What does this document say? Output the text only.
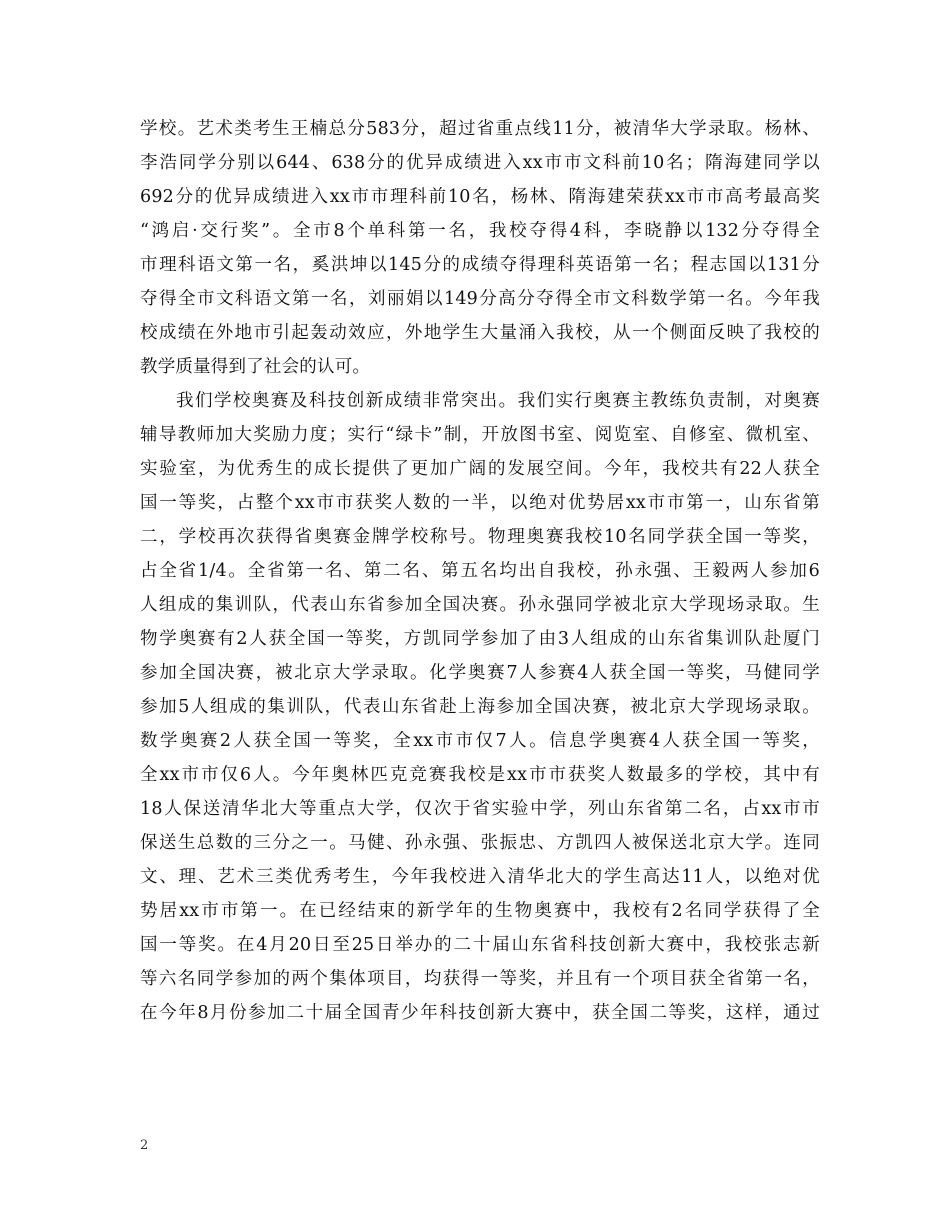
学校。艺术类考生王楠总分583分，超过省重点线11分，被清华大学录取。杨林、
李浩同学分别以644、638分的优异成绩进入xx市市文科前10名；隋海建同学以
692分的优异成绩进入xx市市理科前10名，杨林、隋海建荣获xx市市高考最高奖
“鸿启·交行奖”。全市8个单科第一名，我校夺得4科，李晓静以132分夺得全
市理科语文第一名，奚洪坤以145分的成绩夺得理科英语第一名；程志国以131分
夺得全市文科语文第一名，刘丽娟以149分高分夺得全市文科数学第一名。今年我
校成绩在外地市引起轰动效应，外地学生大量涌入我校，从一个侧面反映了我校的
教学质量得到了社会的认可。
我们学校奥赛及科技创新成绩非常突出。我们实行奥赛主教练负责制，对奥赛
辅导教师加大奖励力度；实行“绿卡”制，开放图书室、阅览室、自修室、微机室、
实验室，为优秀生的成长提供了更加广阔的发展空间。今年，我校共有22人获全
国一等奖，占整个xx市市获奖人数的一半，以绝对优势居xx市市第一，山东省第
二，学校再次获得省奥赛金牌学校称号。物理奥赛我校10名同学获全国一等奖，
占全省1/4。全省第一名、第二名、第五名均出自我校，孙永强、王毅两人参加6
人组成的集训队，代表山东省参加全国决赛。孙永强同学被北京大学现场录取。生
物学奥赛有2人获全国一等奖，方凯同学参加了由3人组成的山东省集训队赴厦门
参加全国决赛，被北京大学录取。化学奥赛7人参赛4人获全国一等奖，马健同学
参加5人组成的集训队，代表山东省赴上海参加全国决赛，被北京大学现场录取。
数学奥赛2人获全国一等奖，全xx市市仅7人。信息学奥赛4人获全国一等奖，
全xx市市仅6人。今年奥林匹克竞赛我校是xx市市获奖人数最多的学校，其中有
18人保送清华北大等重点大学，仅次于省实验中学，列山东省第二名，占xx市市
保送生总数的三分之一。马健、孙永强、张振忠、方凯四人被保送北京大学。连同
文、理、艺术三类优秀考生，今年我校进入清华北大的学生高达11人，以绝对优
势居xx市市第一。在已经结束的新学年的生物奥赛中，我校有2名同学获得了全
国一等奖。在4月20日至25日举办的二十届山东省科技创新大赛中，我校张志新
等六名同学参加的两个集体项目，均获得一等奖，并且有一个项目获全省第一名，
在今年8月份参加二十届全国青少年科技创新大赛中，获全国二等奖，这样，通过
2
